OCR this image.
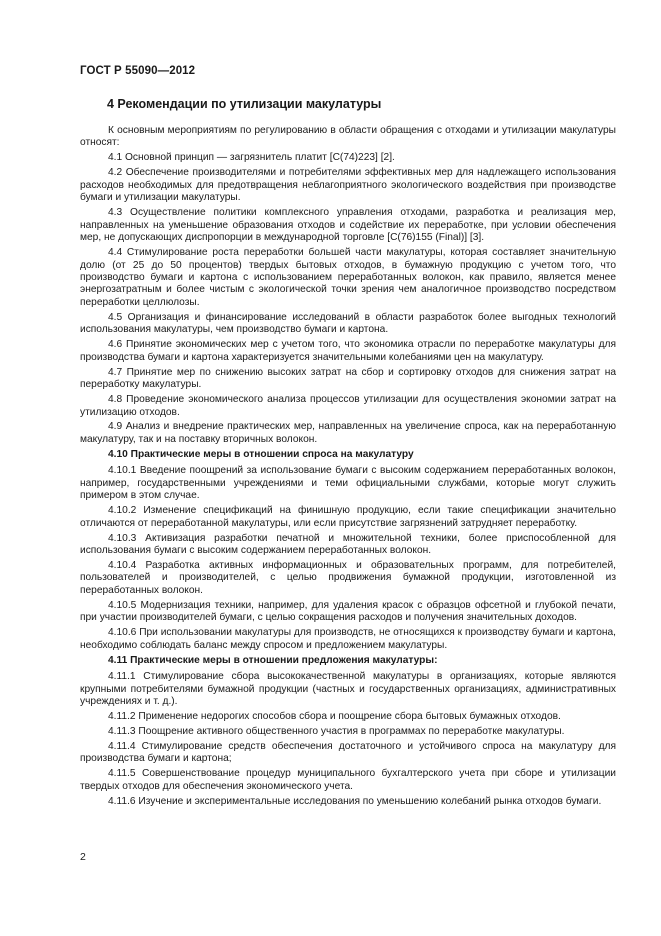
ГОСТ Р 55090—2012
4 Рекомендации по утилизации макулатуры

К основным мероприятиям по регулированию в области обращения с отходами и утилизации макулатуры относят:

4.1 Основной принцип — загрязнитель платит [C(74)223] [2].

4.2 Обеспечение производителями и потребителями эффективных мер для надлежащего использования расходов необходимых для предотвращения неблагоприятного экологического воздействия при производстве бумаги и утилизации макулатуры.

4.3 Осуществление политики комплексного управления отходами, разработка и реализация мер, направленных на уменьшение образования отходов и содействие их переработке, при условии обеспечения мер, не допускающих диспропорции в международной торговле [C(76)155 (Final)] [3].

4.4 Стимулирование роста переработки большей части макулатуры, которая составляет значительную долю (от 25 до 50 процентов) твердых бытовых отходов, в бумажную продукцию с учетом того, что производство бумаги и картона с использованием переработанных волокон, как правило, является менее энергозатратным и более чистым с экологической точки зрения чем аналогичное производство посредством переработки целлюлозы.

4.5 Организация и финансирование исследований в области разработок более выгодных технологий использования макулатуры, чем производство бумаги и картона.

4.6 Принятие экономических мер с учетом того, что экономика отрасли по переработке макулатуры для производства бумаги и картона характеризуется значительными колебаниями цен на макулатуру.

4.7 Принятие мер по снижению высоких затрат на сбор и сортировку отходов для снижения затрат на переработку макулатуры.

4.8 Проведение экономического анализа процессов утилизации для осуществления экономии затрат на утилизацию отходов.

4.9 Анализ и внедрение практических мер, направленных на увеличение спроса, как на переработанную макулатуру, так и на поставку вторичных волокон.

4.10 Практические меры в отношении спроса на макулатуру

4.10.1 Введение поощрений за использование бумаги с высоким содержанием переработанных волокон, например, государственными учреждениями и теми официальными службами, которые могут служить примером в этом случае.

4.10.2 Изменение спецификаций на финишную продукцию, если такие спецификации значительно отличаются от переработанной макулатуры, или если присутствие загрязнений затрудняет переработку.

4.10.3 Активизация разработки печатной и множительной техники, более приспособленной для использования бумаги с высоким содержанием переработанных волокон.

4.10.4 Разработка активных информационных и образовательных программ, для потребителей, пользователей и производителей, с целью продвижения бумажной продукции, изготовленной из переработанных волокон.

4.10.5 Модернизация техники, например, для удаления красок с образцов офсетной и глубокой печати, при участии производителей бумаги, с целью сокращения расходов и получения значительных доходов.

4.10.6 При использовании макулатуры для производств, не относящихся к производству бумаги и картона, необходимо соблюдать баланс между спросом и предложением макулатуры.

4.11 Практические меры в отношении предложения макулатуры:

4.11.1 Стимулирование сбора высококачественной макулатуры в организациях, которые являются крупными потребителями бумажной продукции (частных и государственных организациях, административных учреждениях и т. д.).

4.11.2 Применение недорогих способов сбора и поощрение сбора бытовых бумажных отходов.

4.11.3 Поощрение активного общественного участия в программах по переработке макулатуры.

4.11.4 Стимулирование средств обеспечения достаточного и устойчивого спроса на макулатуру для производства бумаги и картона;

4.11.5 Совершенствование процедур муниципального бухгалтерского учета при сборе и утилизации твердых отходов для обеспечения экономического учета.

4.11.6 Изучение и экспериментальные исследования по уменьшению колебаний рынка отходов бумаги.

2
